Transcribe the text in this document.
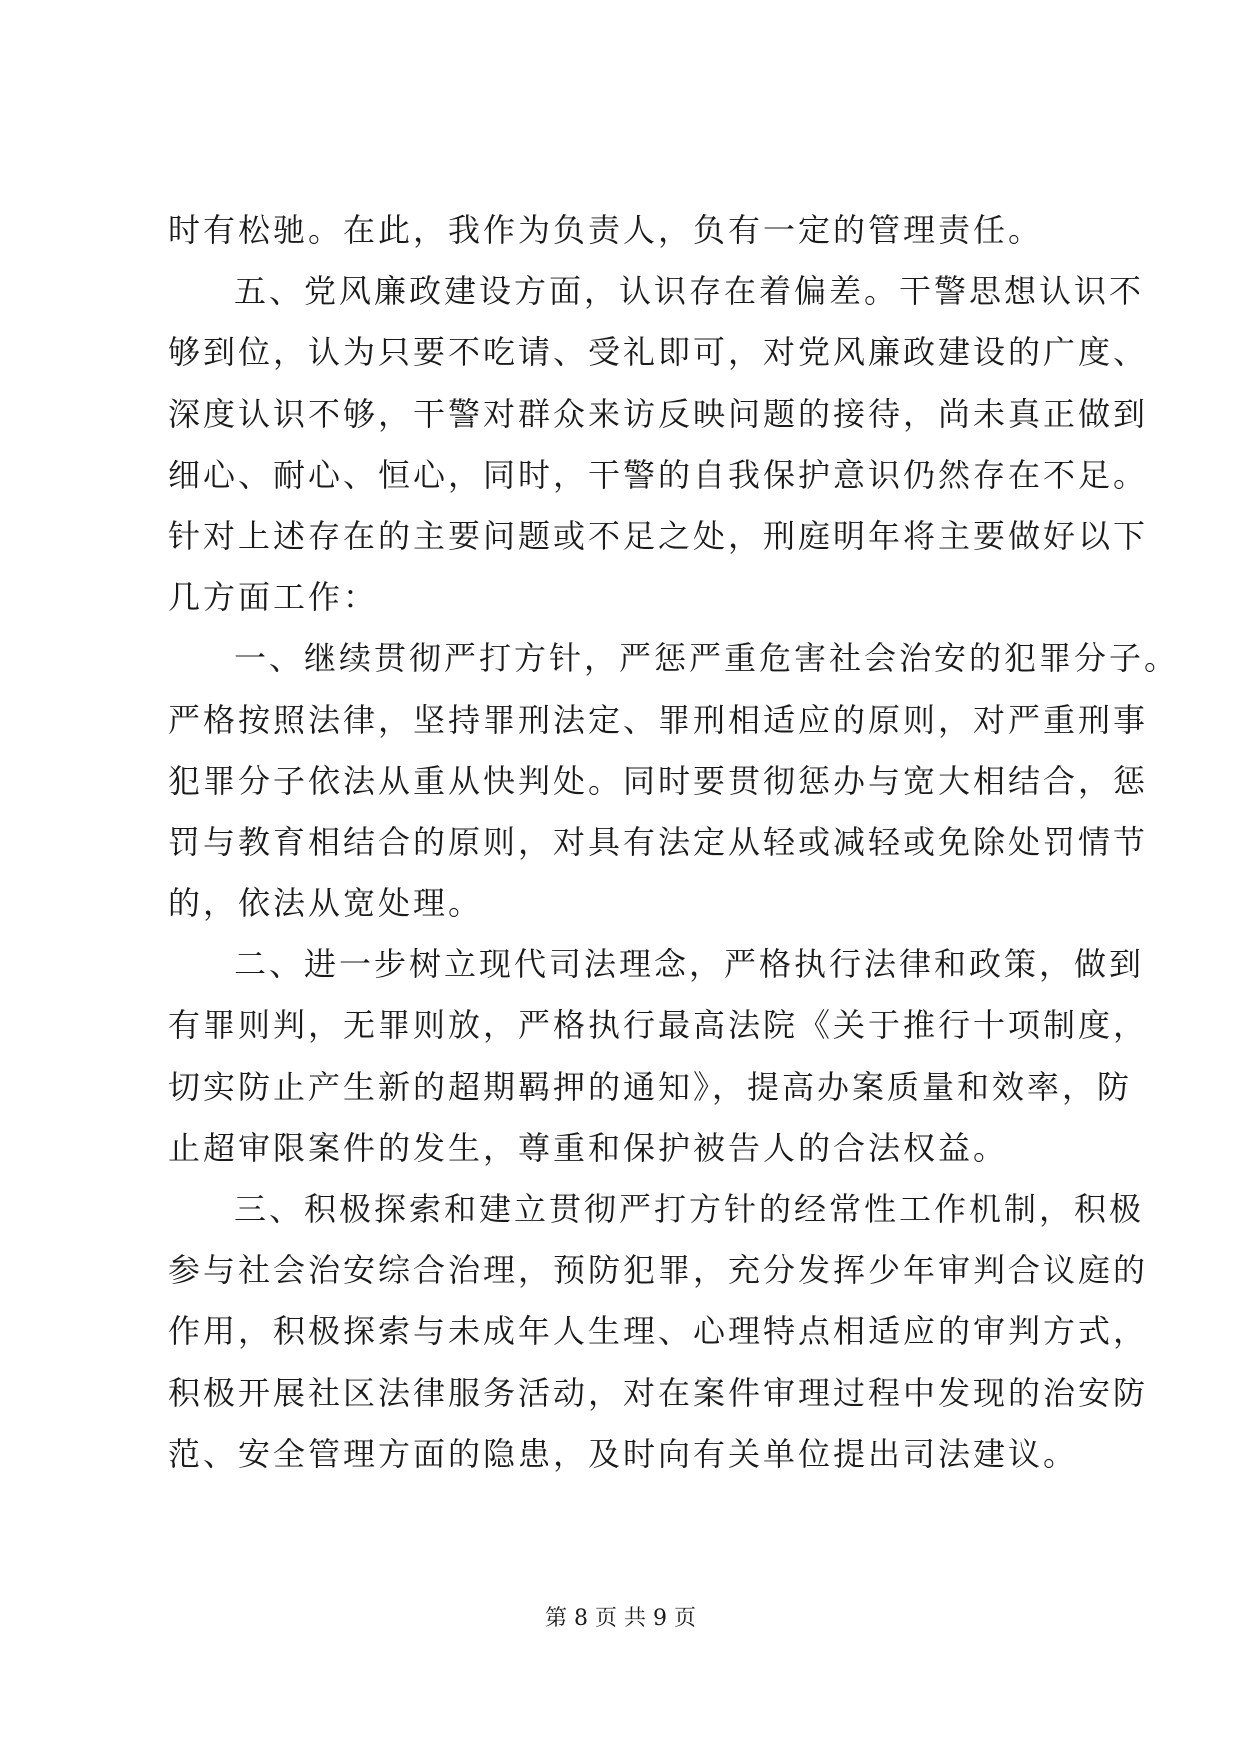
时有松驰。在此，我作为负责人，负有一定的管理责任。
五、党风廉政建设方面，认识存在着偏差。干警思想认识不
够到位，认为只要不吃请、受礼即可，对党风廉政建设的广度、
深度认识不够，干警对群众来访反映问题的接待，尚未真正做到
细心、耐心、恒心，同时，干警的自我保护意识仍然存在不足。
针对上述存在的主要问题或不足之处，刑庭明年将主要做好以下
几方面工作：
一、继续贯彻严打方针，严惩严重危害社会治安的犯罪分子。
严格按照法律，坚持罪刑法定、罪刑相适应的原则，对严重刑事
犯罪分子依法从重从快判处。同时要贯彻惩办与宽大相结合，惩
罚与教育相结合的原则，对具有法定从轻或减轻或免除处罚情节
的，依法从宽处理。
二、进一步树立现代司法理念，严格执行法律和政策，做到
有罪则判，无罪则放，严格执行最高法院《关于推行十项制度，
切实防止产生新的超期羁押的通知》，提高办案质量和效率，防
止超审限案件的发生，尊重和保护被告人的合法权益。
三、积极探索和建立贯彻严打方针的经常性工作机制，积极
参与社会治安综合治理，预防犯罪，充分发挥少年审判合议庭的
作用，积极探索与未成年人生理、心理特点相适应的审判方式，
积极开展社区法律服务活动，对在案件审理过程中发现的治安防
范、安全管理方面的隐患，及时向有关单位提出司法建议。
第 8 页 共 9 页
